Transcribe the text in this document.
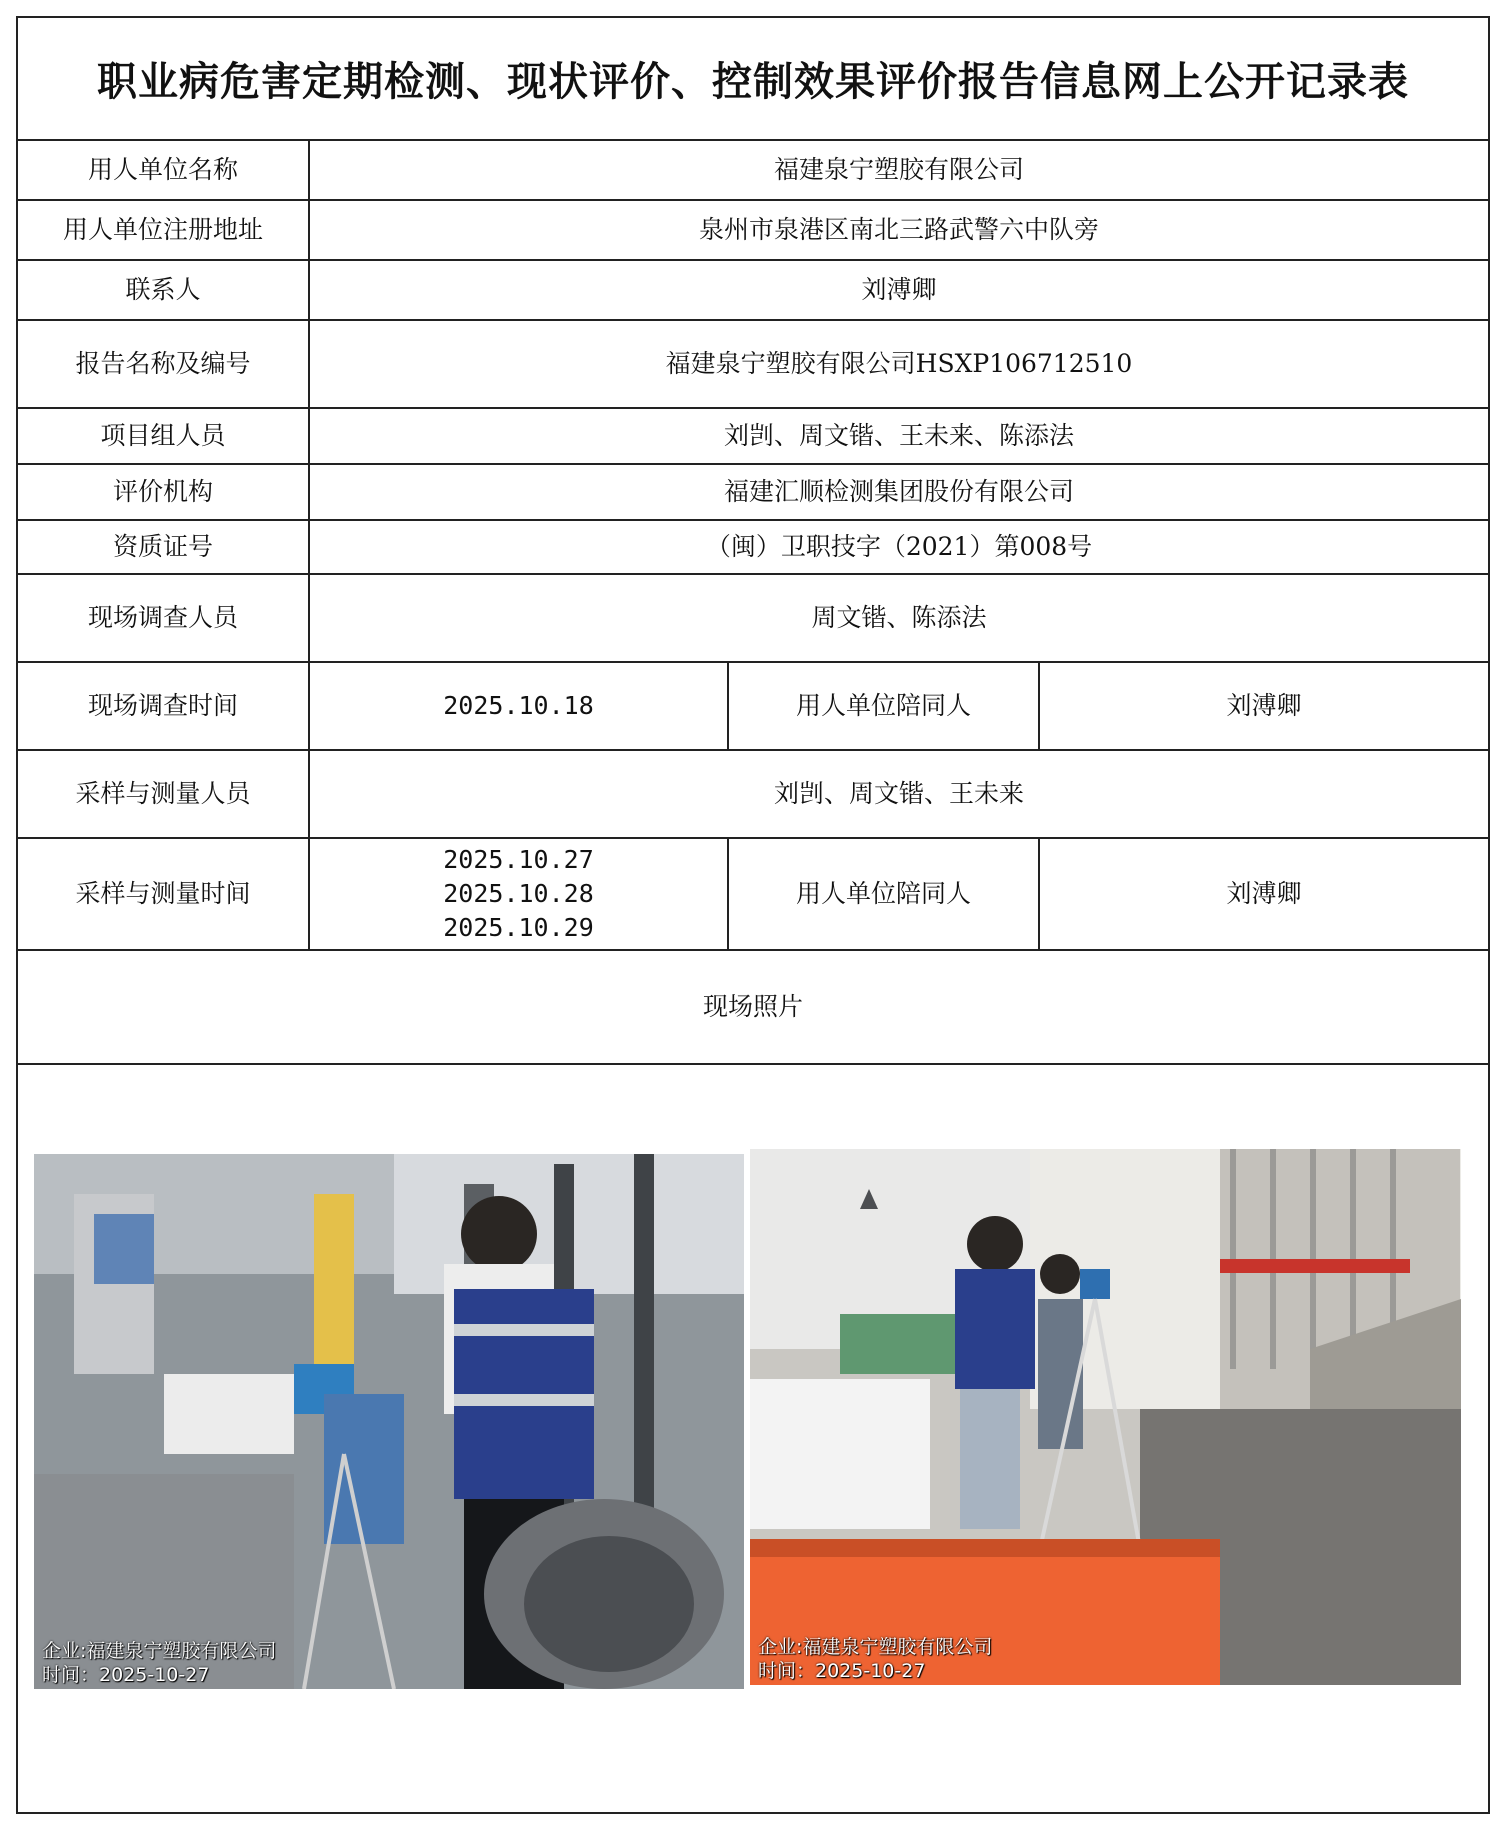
职业病危害定期检测、现状评价、控制效果评价报告信息网上公开记录表
用人单位名称	福建泉宁塑胶有限公司		
用人单位注册地址	泉州市泉港区南北三路武警六中队旁		
联系人	刘溥卿		
报告名称及编号	福建泉宁塑胶有限公司HSXP106712510		
项目组人员	刘剀、周文锴、王未来、陈添法		
评价机构	福建汇顺检测集团股份有限公司		
资质证号	（闽）卫职技字（2021）第008号		
现场调查人员	周文锴、陈添法		
现场调查时间	2025.10.18	用人单位陪同人	刘溥卿
采样与测量人员	刘剀、周文锴、王未来		
采样与测量时间	2025.10.27
2025.10.28
2025.10.29	用人单位陪同人	刘溥卿
现场照片			
企业:福建泉宁塑胶有限公司
时间：2025-10-27
企业:福建泉宁塑胶有限公司
时间：2025-10-27
